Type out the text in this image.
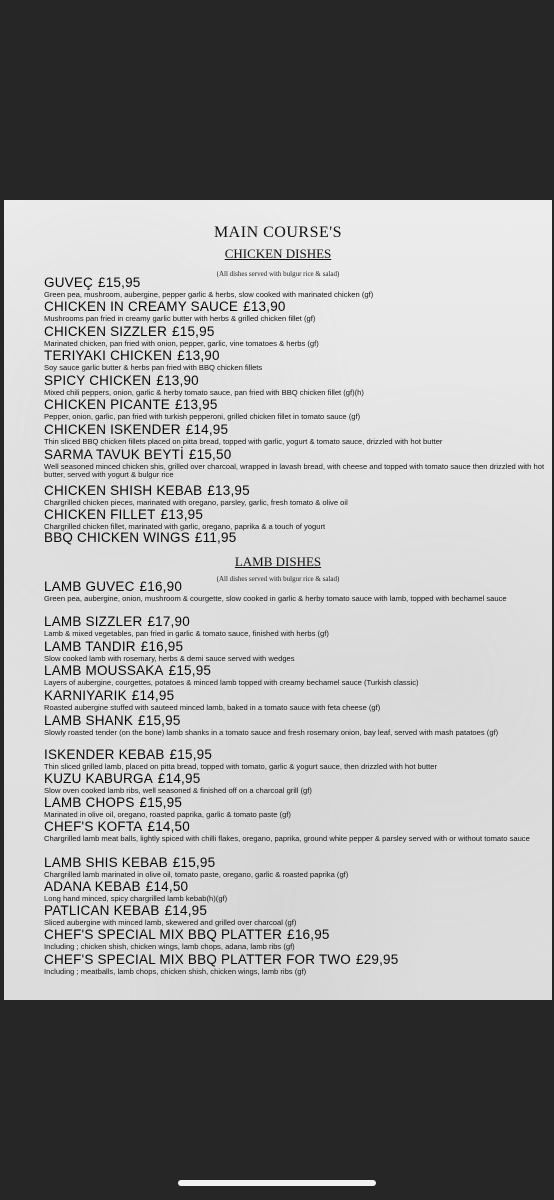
MAIN COURSE'S
CHICKEN DISHES
(All dishes served with bulgur rice & salad)
GUVEÇ £15,95
Green pea, mushroom, aubergine, pepper garlic & herbs, slow cooked with marinated chicken (gf)
CHICKEN IN CREAMY SAUCE £13,90
Mushrooms pan fried in creamy garlic butter with herbs & grilled chicken fillet (gf)
CHICKEN SIZZLER £15,95
Marinated chicken, pan fried with onion, pepper, garlic, vine tomatoes & herbs (gf)
TERIYAKI CHICKEN £13,90
Soy sauce garlic butter & herbs pan fried with BBQ chicken fillets
SPICY CHICKEN £13,90
Mixed chili peppers, onion, garlic & herby tomato sauce, pan fried with BBQ chicken fillet (gf)(h)
CHICKEN PICANTE £13,95
Pepper, onion, garlic, pan fried with turkish pepperoni, grilled chicken fillet in tomato sauce (gf)
CHICKEN ISKENDER £14,95
Thin sliced BBQ chicken fillets placed on pitta bread, topped with garlic, yogurt & tomato sauce, drizzled with hot butter
SARMA TAVUK BEYTİ £15,50
Well seasoned minced chicken shis, grilled over charcoal, wrapped in lavash bread, with cheese and topped with tomato sauce then drizzled with hot butter, served with yogurt & bulgur rice
CHICKEN SHISH KEBAB £13,95
Chargrilled chicken pieces, marinated with oregano, parsley, garlic, fresh tomato & olive oil
CHICKEN FILLET £13,95
Chargrilled chicken fillet, marinated with garlic, oregano, paprika & a touch of yogurt
BBQ CHICKEN WINGS £11,95
LAMB DISHES
(All dishes served with bulgur rice & salad)
LAMB GUVEC £16,90
Green pea, aubergine, onion, mushroom & courgette, slow cooked in garlic & herby tomato sauce with lamb, topped with bechamel sauce
LAMB SIZZLER £17,90
Lamb & mixed vegetables, pan fried in garlic & tomato sauce, finished with herbs (gf)
LAMB TANDIR £16,95
Slow cooked lamb with rosemary, herbs & demi sauce served with wedges
LAMB MOUSSAKA £15,95
Layers of aubergine, courgettes, potatoes & minced lamb topped with creamy bechamel sauce (Turkish classic)
KARNIYARIK £14,95
Roasted aubergine stuffed with sauteed minced lamb, baked in a tomato sauce with feta cheese (gf)
LAMB SHANK £15,95
Slowly roasted tender (on the bone) lamb shanks in a tomato sauce and fresh rosemary onion, bay leaf, served with mash patatoes (gf)
ISKENDER KEBAB £15,95
Thin sliced grilled lamb, placed on pitta bread, topped with tomato, garlic & yogurt sauce, then drizzled with hot butter
KUZU KABURGA £14,95
Slow oven cooked lamb ribs, well seasoned & finished off on a charcoal grill (gf)
LAMB CHOPS £15,95
Marinated in olive oil, oregano, roasted paprika, garlic & tomato paste (gf)
CHEF'S KOFTA £14,50
Chargrilled lamb meat balls, lightly spiced with chilli flakes, oregano, paprika, ground white pepper & parsley served with or without tomato sauce
LAMB SHIS KEBAB £15,95
Chargrilled lamb marinated in olive oil, tomato paste, oregano, garlic & roasted paprika (gf)
ADANA KEBAB £14,50
Long hand minced, spicy chargrilled lamb kebab(h)(gf)
PATLICAN KEBAB £14,95
Sliced aubergine with minced lamb, skewered and grilled over charcoal (gf)
CHEF'S SPECIAL MIX BBQ PLATTER £16,95
Including ; chicken shish, chicken wings, lamb chops, adana, lamb ribs (gf)
CHEF'S SPECIAL MIX BBQ PLATTER FOR TWO £29,95
Including ; meatballs, lamb chops, chicken shish, chicken wings, lamb ribs (gf)
